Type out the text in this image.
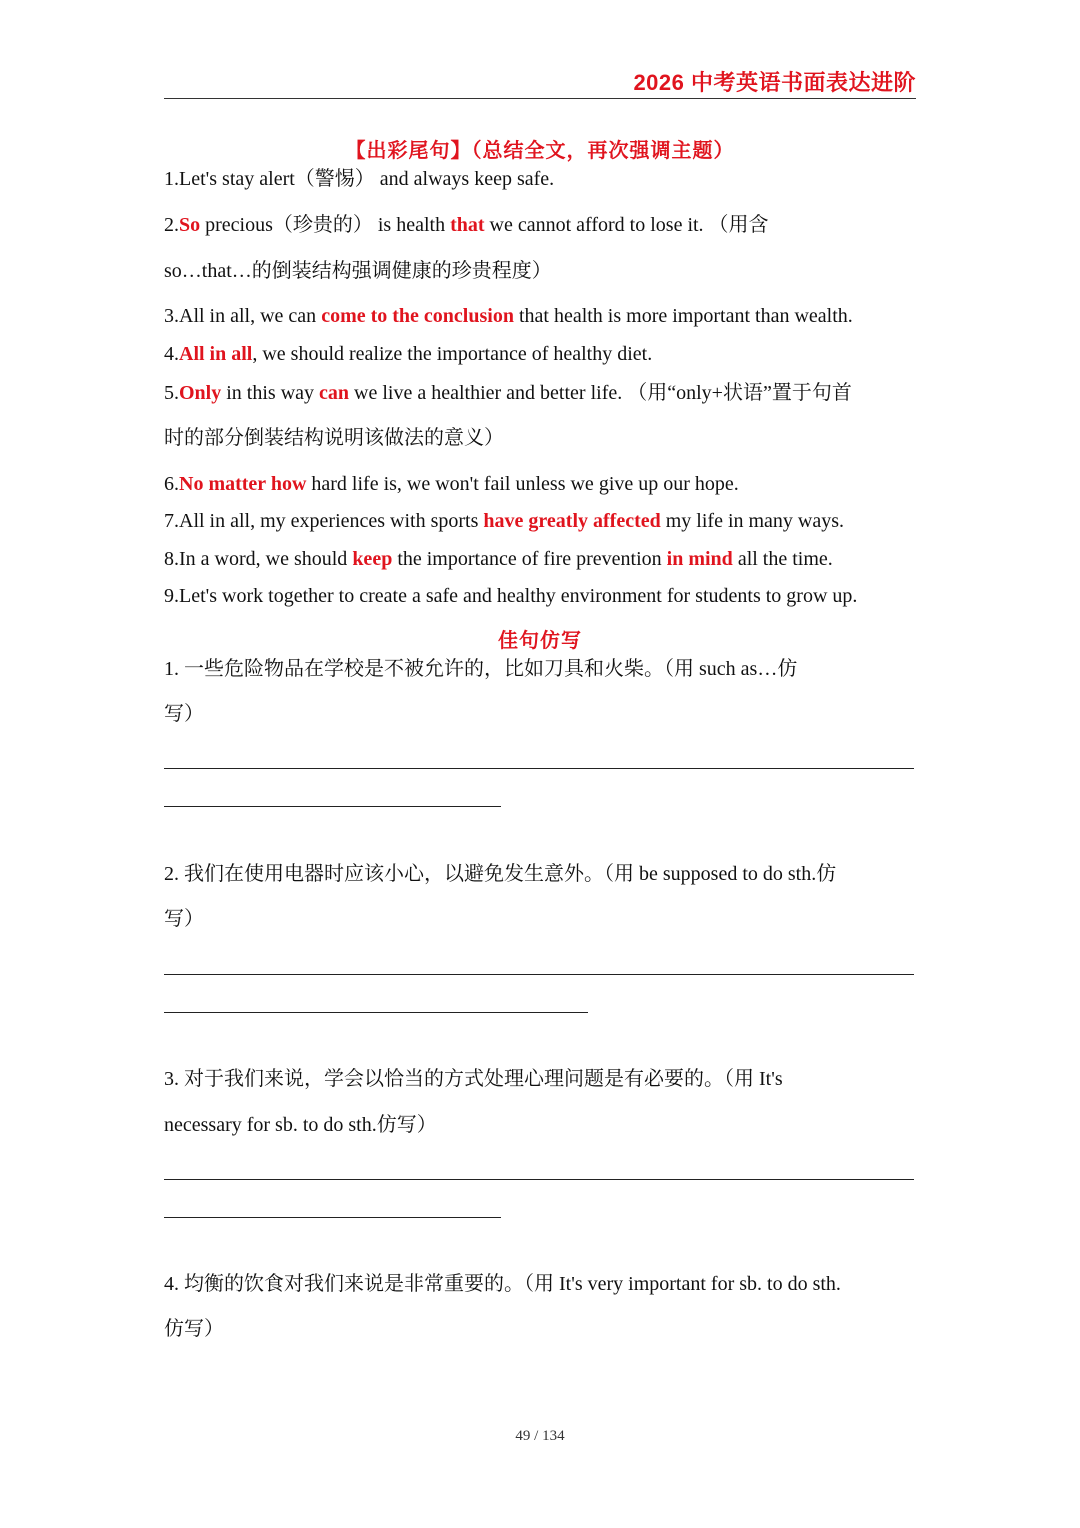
2026 中考英语书面表达进阶
【出彩尾句】（总结全文，再次强调主题）
1.Let's stay alert（警惕） and always keep safe.
2.So precious（珍贵的） is health that we cannot afford to lose it. （用含
so…that…的倒装结构强调健康的珍贵程度）
3.All in all, we can come to the conclusion that health is more important than wealth.
4.All in all, we should realize the importance of healthy diet.
5.Only in this way can we live a healthier and better life. （用“only+状语”置于句首
时的部分倒装结构说明该做法的意义）
6.No matter how hard life is, we won't fail unless we give up our hope.
7.All in all, my experiences with sports have greatly affected my life in many ways.
8.In a word, we should keep the importance of fire prevention in mind all the time.
9.Let's work together to create a safe and healthy environment for students to grow up.
佳句仿写
1. 一些危险物品在学校是不被允许的，比如刀具和火柴。（用 such as…仿
写）
2. 我们在使用电器时应该小心，以避免发生意外。（用 be supposed to do sth.仿
写）
3. 对于我们来说，学会以恰当的方式处理心理问题是有必要的。（用 It's
necessary for sb. to do sth.仿写）
4. 均衡的饮食对我们来说是非常重要的。（用 It's very important for sb. to do sth.
仿写）
49 / 134
